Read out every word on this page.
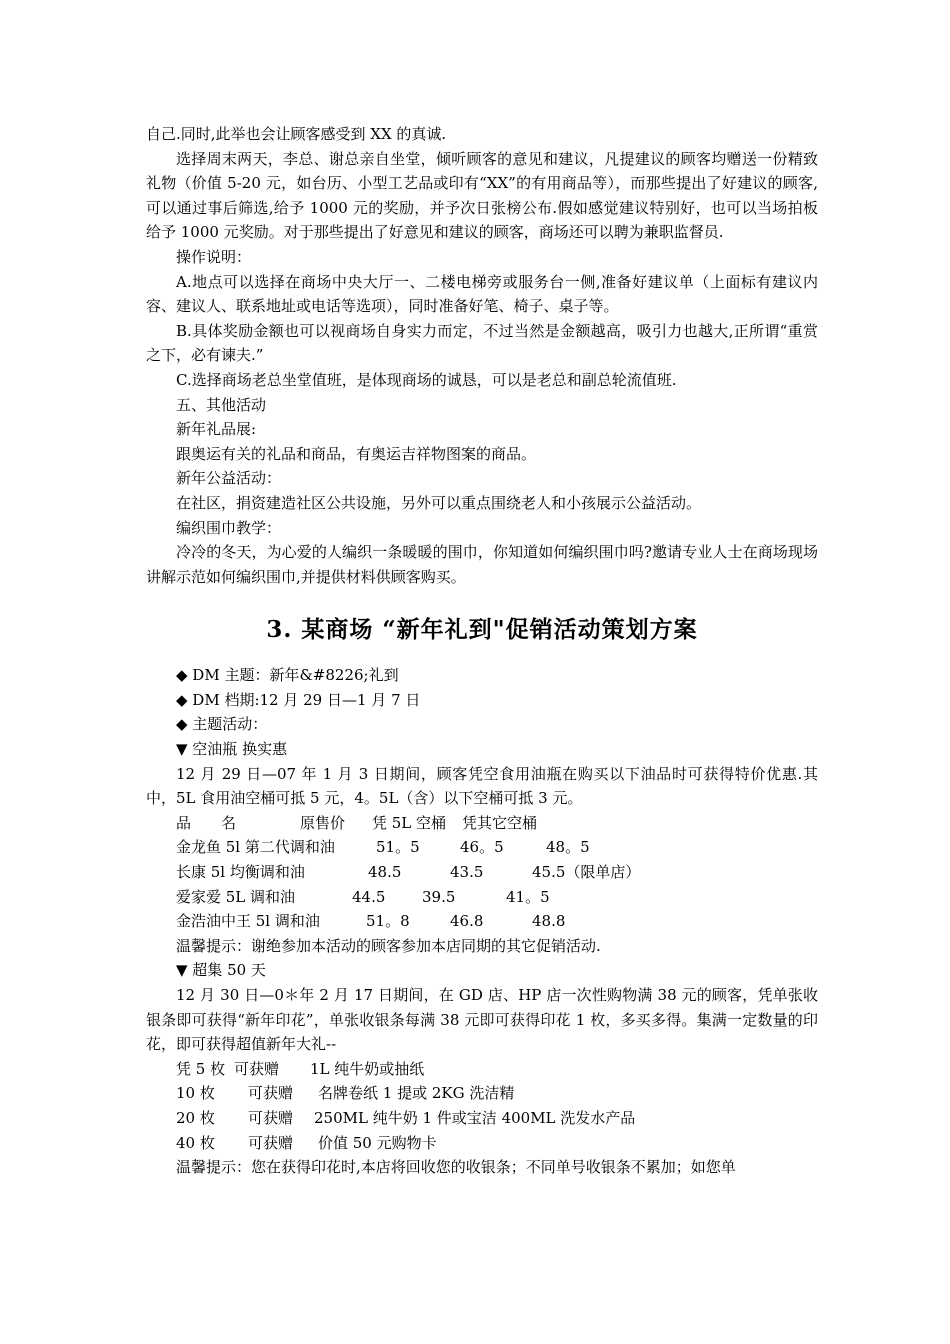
自己.同时,此举也会让顾客感受到 XX 的真诚.

选择周末两天，李总、谢总亲自坐堂，倾听顾客的意见和建议，凡提建议的顾客均赠送一份精致礼物（价值 5-20 元，如台历、小型工艺品或印有“XX”的有用商品等），而那些提出了好建议的顾客,可以通过事后筛选,给予 1000 元的奖励，并予次日张榜公布.假如感觉建议特别好，也可以当场拍板给予 1000 元奖励。对于那些提出了好意见和建议的顾客，商场还可以聘为兼职监督员.

操作说明：

A.地点可以选择在商场中央大厅一、二楼电梯旁或服务台一侧,准备好建议单（上面标有建议内容、建议人、联系地址或电话等选项），同时准备好笔、椅子、桌子等。

B.具体奖励金额也可以视商场自身实力而定，不过当然是金额越高，吸引力也越大,正所谓“重赏之下，必有谏夫.”

C.选择商场老总坐堂值班，是体现商场的诚恳，可以是老总和副总轮流值班.

五、其他活动

新年礼品展:

跟奥运有关的礼品和商品，有奥运吉祥物图案的商品。

新年公益活动：

在社区，捐资建造社区公共设施，另外可以重点围绕老人和小孩展示公益活动。

编织围巾教学：

冷冷的冬天，为心爱的人编织一条暖暖的围巾，你知道如何编织围巾吗?邀请专业人士在商场现场讲解示范如何编织围巾,并提供材料供顾客购买。

3. 某商场 “新年礼到"促销活动策划方案

◆ DM 主题：新年&#8226;礼到

◆ DM 档期:12 月 29 日—1 月 7 日

◆ 主题活动：

▼ 空油瓶 换实惠

12 月 29 日—07 年 1 月 3 日期间，顾客凭空食用油瓶在购买以下油品时可获得特价优惠.其中，5L 食用油空桶可抵 5 元，4。5L（含）以下空桶可抵 3 元。

品　　名	原售价	凭 5L 空桶	凭其它空桶
金龙鱼 5l 第二代调和油	51。5	46。5	48。5
长康 5l 均衡调和油	48.5	43.5	45.5（限单店）
爱家爱 5L 调和油	44.5	39.5	41。5
金浩油中王 5l 调和油	51。8	46.8	48.8

温馨提示：谢绝参加本活动的顾客参加本店同期的其它促销活动.

▼ 超集 50 天

12 月 30 日—0＊年 2 月 17 日期间，在 GD 店、HP 店一次性购物满 38 元的顾客，凭单张收银条即可获得“新年印花”，单张收银条每满 38 元即可获得印花 1 枚，多买多得。集满一定数量的印花，即可获得超值新年大礼--

凭 5 枚 可获赠	1L 纯牛奶或抽纸
10 枚	可获赠	名牌卷纸 1 提或 2KG 洗洁精
20 枚	可获赠	250ML 纯牛奶 1 件或宝洁 400ML 洗发水产品
40 枚	可获赠	价值 50 元购物卡

温馨提示：您在获得印花时,本店将回收您的收银条；不同单号收银条不累加；如您单
